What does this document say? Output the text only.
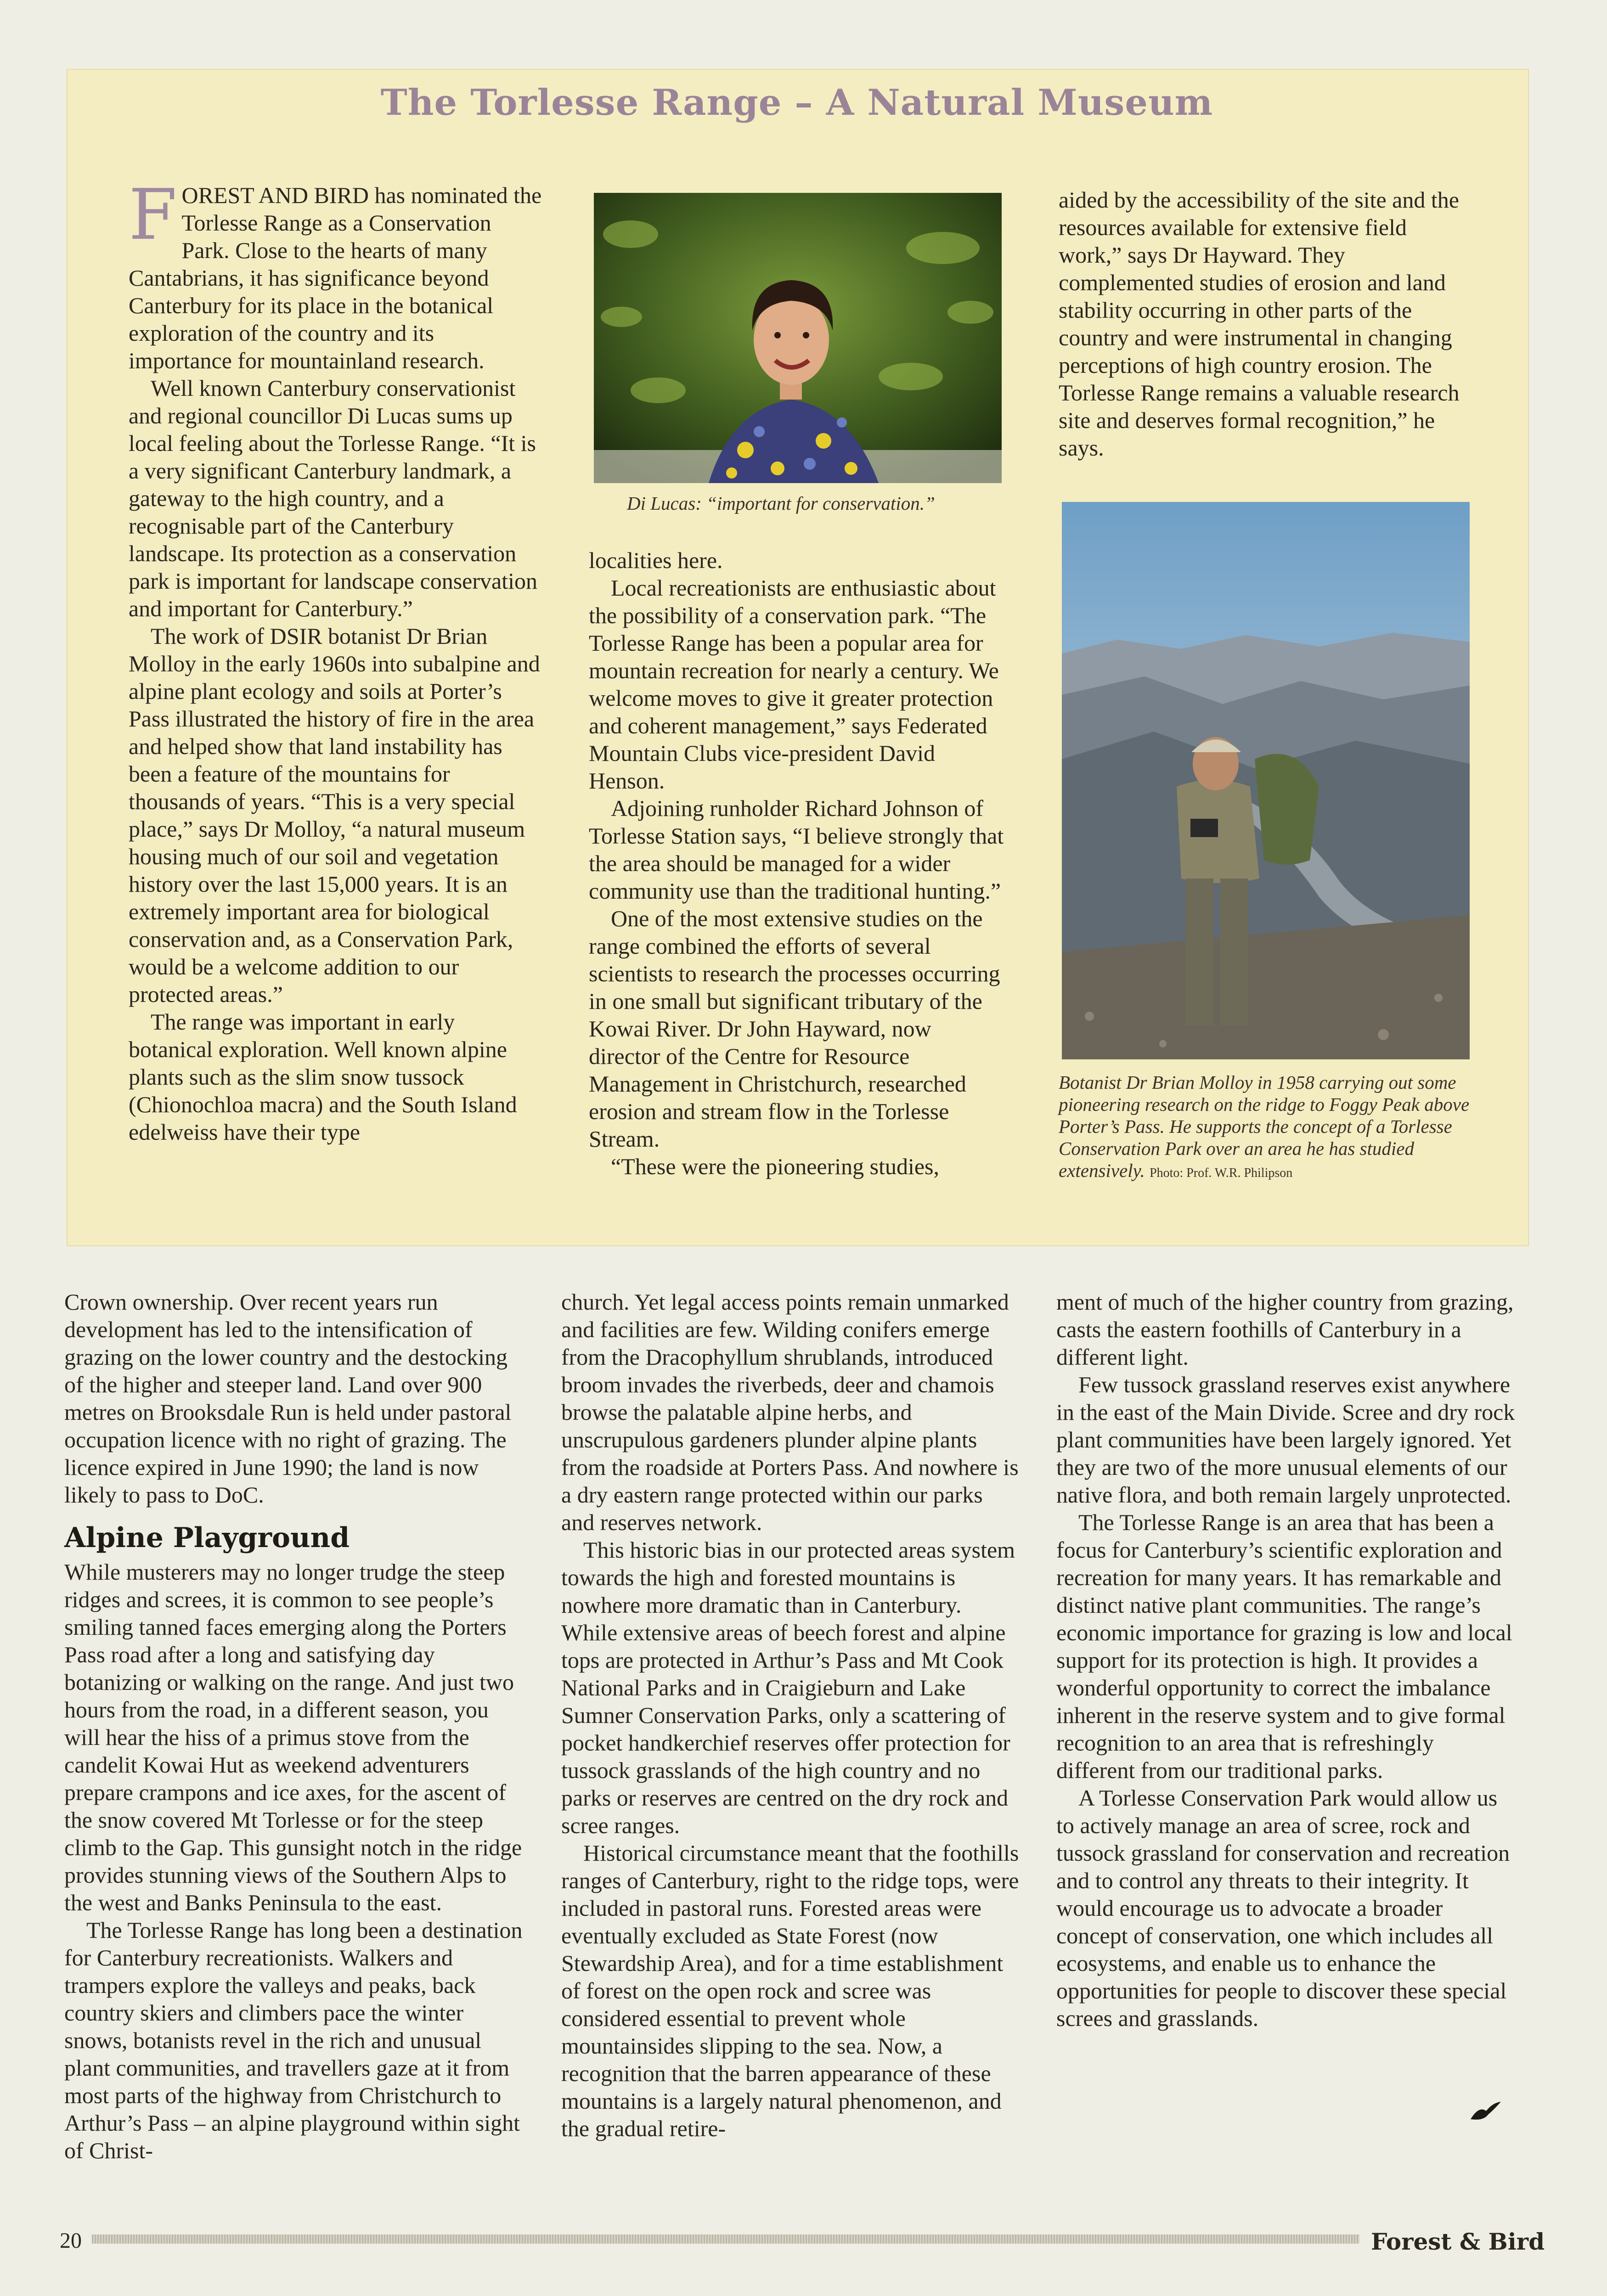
The Torlesse Range – A Natural Museum

FOREST AND BIRD has nominated the Torlesse Range as a Conservation Park. Close to the hearts of many Cantabrians, it has significance beyond Canterbury for its place in the botanical exploration of the country and its importance for mountainland research.

Well known Canterbury conservationist and regional councillor Di Lucas sums up local feeling about the Torlesse Range. “It is a very significant Canterbury landmark, a gateway to the high country, and a recognisable part of the Canterbury landscape. Its protection as a conservation park is important for landscape conservation and important for Canterbury.”

The work of DSIR botanist Dr Brian Molloy in the early 1960s into subalpine and alpine plant ecology and soils at Porter’s Pass illustrated the history of fire in the area and helped show that land instability has been a feature of the mountains for thousands of years. “This is a very special place,” says Dr Molloy, “a natural museum housing much of our soil and vegetation history over the last 15,000 years. It is an extremely important area for biological conservation and, as a Conservation Park, would be a welcome addition to our protected areas.”

The range was important in early botanical exploration. Well known alpine plants such as the slim snow tussock (Chionochloa macra) and the South Island edelweiss have their type

Di Lucas: “important for conservation.”

localities here.

Local recreationists are enthusiastic about the possibility of a conservation park. “The Torlesse Range has been a popular area for mountain recreation for nearly a century. We welcome moves to give it greater protection and coherent management,” says Federated Mountain Clubs vice-president David Henson.

Adjoining runholder Richard Johnson of Torlesse Station says, “I believe strongly that the area should be managed for a wider community use than the traditional hunting.”

One of the most extensive studies on the range combined the efforts of several scientists to research the processes occurring in one small but significant tributary of the Kowai River. Dr John Hayward, now director of the Centre for Resource Management in Christchurch, researched erosion and stream flow in the Torlesse Stream.

“These were the pioneering studies,

aided by the accessibility of the site and the resources available for extensive field work,” says Dr Hayward. They complemented studies of erosion and land stability occurring in other parts of the country and were instrumental in changing perceptions of high country erosion. The Torlesse Range remains a valuable research site and deserves formal recognition,” he says.

Botanist Dr Brian Molloy in 1958 carrying out some pioneering research on the ridge to Foggy Peak above Porter’s Pass. He supports the concept of a Torlesse Conservation Park over an area he has studied extensively. Photo: Prof. W.R. Philipson

Crown ownership. Over recent years run development has led to the intensification of grazing on the lower country and the destocking of the higher and steeper land. Land over 900 metres on Brooksdale Run is held under pastoral occupation licence with no right of grazing. The licence expired in June 1990; the land is now likely to pass to DoC.

Alpine Playground

While musterers may no longer trudge the steep ridges and screes, it is common to see people’s smiling tanned faces emerging along the Porters Pass road after a long and satisfying day botanizing or walking on the range. And just two hours from the road, in a different season, you will hear the hiss of a primus stove from the candelit Kowai Hut as weekend adventurers prepare crampons and ice axes, for the ascent of the snow covered Mt Torlesse or for the steep climb to the Gap. This gunsight notch in the ridge provides stunning views of the Southern Alps to the west and Banks Peninsula to the east.

The Torlesse Range has long been a destination for Canterbury recreationists. Walkers and trampers explore the valleys and peaks, back country skiers and climbers pace the winter snows, botanists revel in the rich and unusual plant communities, and travellers gaze at it from most parts of the highway from Christchurch to Arthur’s Pass – an alpine playground within sight of Christ-

church. Yet legal access points remain unmarked and facilities are few. Wilding conifers emerge from the Dracophyllum shrublands, introduced broom invades the riverbeds, deer and chamois browse the palatable alpine herbs, and unscrupulous gardeners plunder alpine plants from the roadside at Porters Pass. And nowhere is a dry eastern range protected within our parks and reserves network.

This historic bias in our protected areas system towards the high and forested mountains is nowhere more dramatic than in Canterbury. While extensive areas of beech forest and alpine tops are protected in Arthur’s Pass and Mt Cook National Parks and in Craigieburn and Lake Sumner Conservation Parks, only a scattering of pocket handkerchief reserves offer protection for tussock grasslands of the high country and no parks or reserves are centred on the dry rock and scree ranges.

Historical circumstance meant that the foothills ranges of Canterbury, right to the ridge tops, were included in pastoral runs. Forested areas were eventually excluded as State Forest (now Stewardship Area), and for a time establishment of forest on the open rock and scree was considered essential to prevent whole mountainsides slipping to the sea. Now, a recognition that the barren appearance of these mountains is a largely natural phenomenon, and the gradual retire-

ment of much of the higher country from grazing, casts the eastern foothills of Canterbury in a different light.

Few tussock grassland reserves exist anywhere in the east of the Main Divide. Scree and dry rock plant communities have been largely ignored. Yet they are two of the more unusual elements of our native flora, and both remain largely unprotected.

The Torlesse Range is an area that has been a focus for Canterbury’s scientific exploration and recreation for many years. It has remarkable and distinct native plant communities. The range’s economic importance for grazing is low and local support for its protection is high. It provides a wonderful opportunity to correct the imbalance inherent in the reserve system and to give formal recognition to an area that is refreshingly different from our traditional parks.

A Torlesse Conservation Park would allow us to actively manage an area of scree, rock and tussock grassland for conservation and recreation and to control any threats to their integrity. It would encourage us to advocate a broader concept of conservation, one which includes all ecosystems, and enable us to enhance the opportunities for people to discover these special screes and grasslands.

20	Forest & Bird
